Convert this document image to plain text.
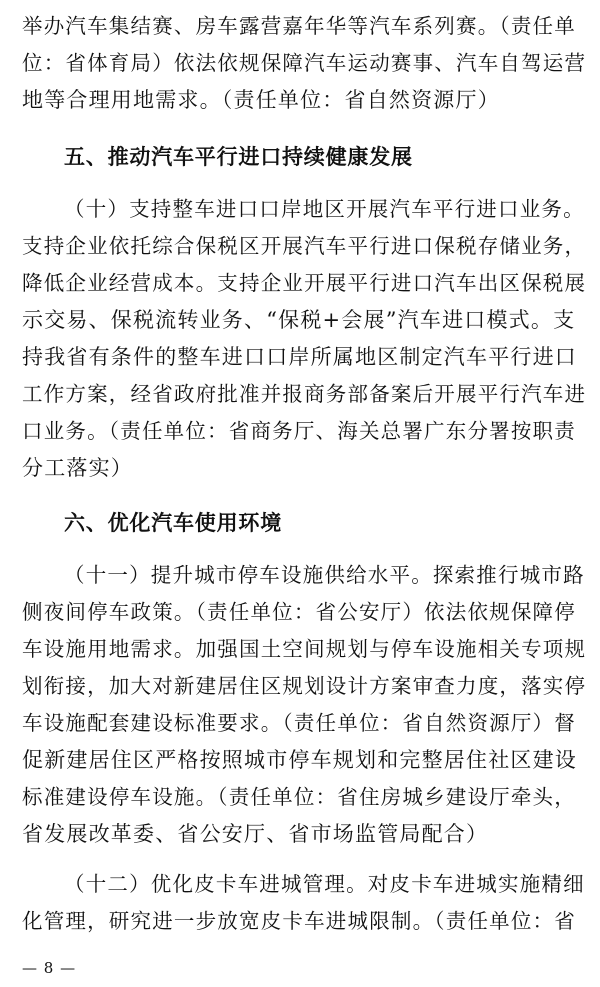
举办汽车集结赛、房车露营嘉年华等汽车系列赛。（责任单
位：省体育局）依法依规保障汽车运动赛事、汽车自驾运营
地等合理用地需求。（责任单位：省自然资源厅）
五、推动汽车平行进口持续健康发展
（十）支持整车进口口岸地区开展汽车平行进口业务。
支持企业依托综合保税区开展汽车平行进口保税存储业务，
降低企业经营成本。支持企业开展平行进口汽车出区保税展
示交易、保税流转业务、“保税+会展”汽车进口模式。支
持我省有条件的整车进口口岸所属地区制定汽车平行进口
工作方案，经省政府批准并报商务部备案后开展平行汽车进
口业务。（责任单位：省商务厅、海关总署广东分署按职责
分工落实）
六、优化汽车使用环境
（十一）提升城市停车设施供给水平。探索推行城市路
侧夜间停车政策。（责任单位：省公安厅）依法依规保障停
车设施用地需求。加强国土空间规划与停车设施相关专项规
划衔接，加大对新建居住区规划设计方案审查力度，落实停
车设施配套建设标准要求。（责任单位：省自然资源厅）督
促新建居住区严格按照城市停车规划和完整居住社区建设
标准建设停车设施。（责任单位：省住房城乡建设厅牵头，
省发展改革委、省公安厅、省市场监管局配合）
（十二）优化皮卡车进城管理。对皮卡车进城实施精细
化管理，研究进一步放宽皮卡车进城限制。（责任单位：省
— 8 —
